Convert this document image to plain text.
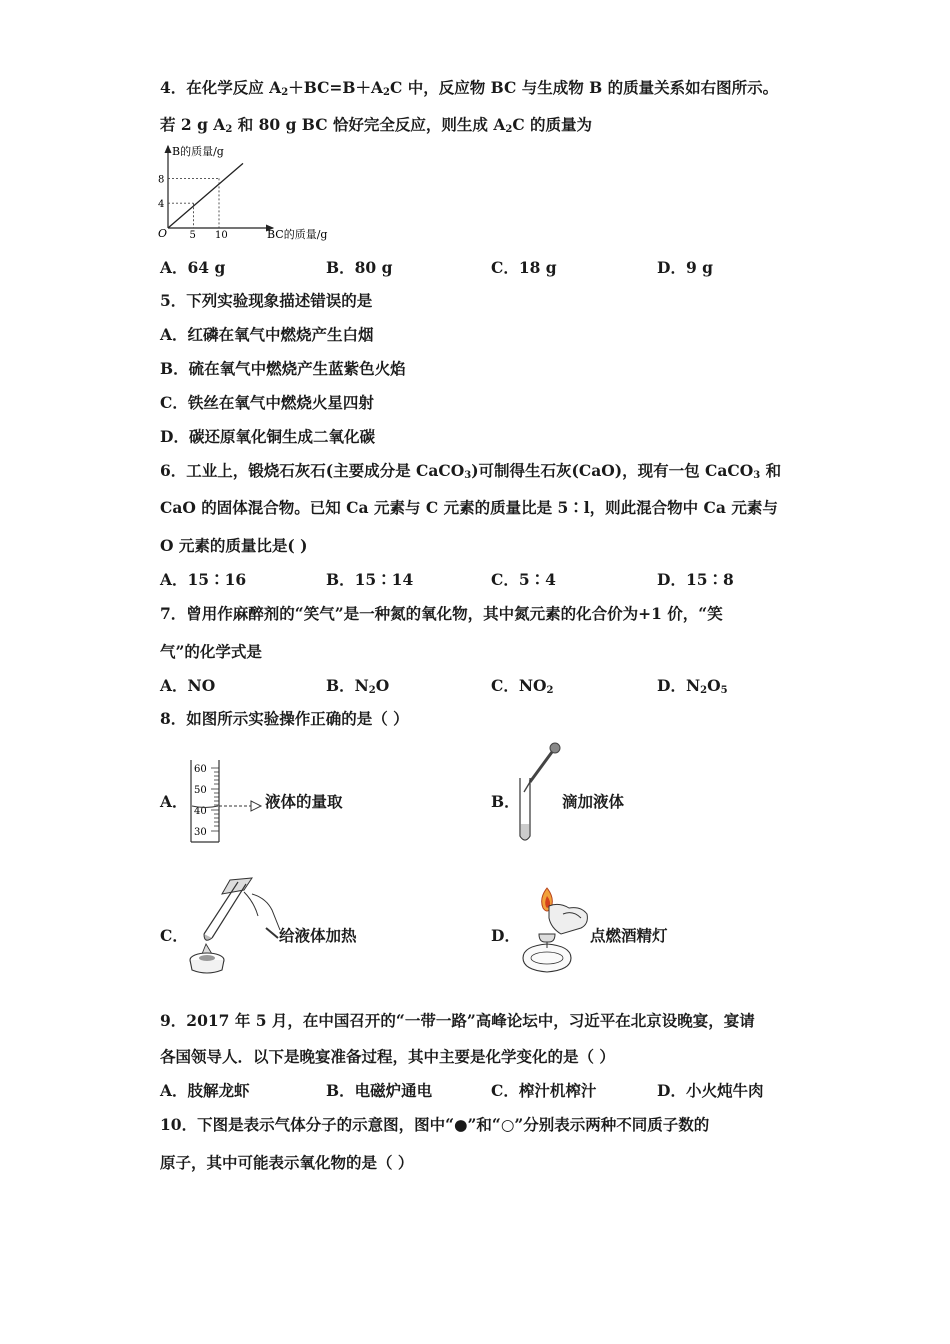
4．在化学反应 $A_2+BC=B+A_2C$ 中，反应物 BC 与生成物 B 的质量关系如右图所示。
若 2 g $A_2$ 和 80 g BC 恰好完全反应，则生成 $A_2C$ 的质量为
B的质量/g
BC的质量/g
O 5 10
4
8
A．64 g	B．80 g	C．18 g	D．9 g
5．下列实验现象描述错误的是
A．红磷在氧气中燃烧产生白烟
B．硫在氧气中燃烧产生蓝紫色火焰
C．铁丝在氧气中燃烧火星四射
D．碳还原氧化铜生成二氧化碳
6．工业上，锻烧石灰石(主要成分是 CaCO$_3$)可制得生石灰(CaO)，现有一包 CaCO$_3$ 和
CaO 的固体混合物。已知 Ca 元素与 C 元素的质量比是 5∶l，则此混合物中 Ca 元素与
O 元素的质量比是( )
A．15∶16	B．15∶14	C．5∶4	D．15∶8
7．曾用作麻醉剂的“笑气”是一种氮的氧化物，其中氮元素的化合价为+1 价，“笑
气”的化学式是
A．NO	B．$N_2O$	C．$NO_2$	D．$N_2O_5$
8．如图所示实验操作正确的是（ ）
A．
60
50
40
30
液体的量取	B．	滴加液体
C．	给液体加热	D．	点燃酒精灯
9．2017 年 5 月，在中国召开的“一带一路”高峰论坛中，习近平在北京设晚宴，宴请
各国领导人．以下是晚宴准备过程，其中主要是化学变化的是（ ）
A．肢解龙虾	B．电磁炉通电	C．榨汁机榨汁	D．小火炖牛肉
10．下图是表示气体分子的示意图，图中“●”和“○”分别表示两种不同质子数的
原子，其中可能表示氧化物的是（ ）
